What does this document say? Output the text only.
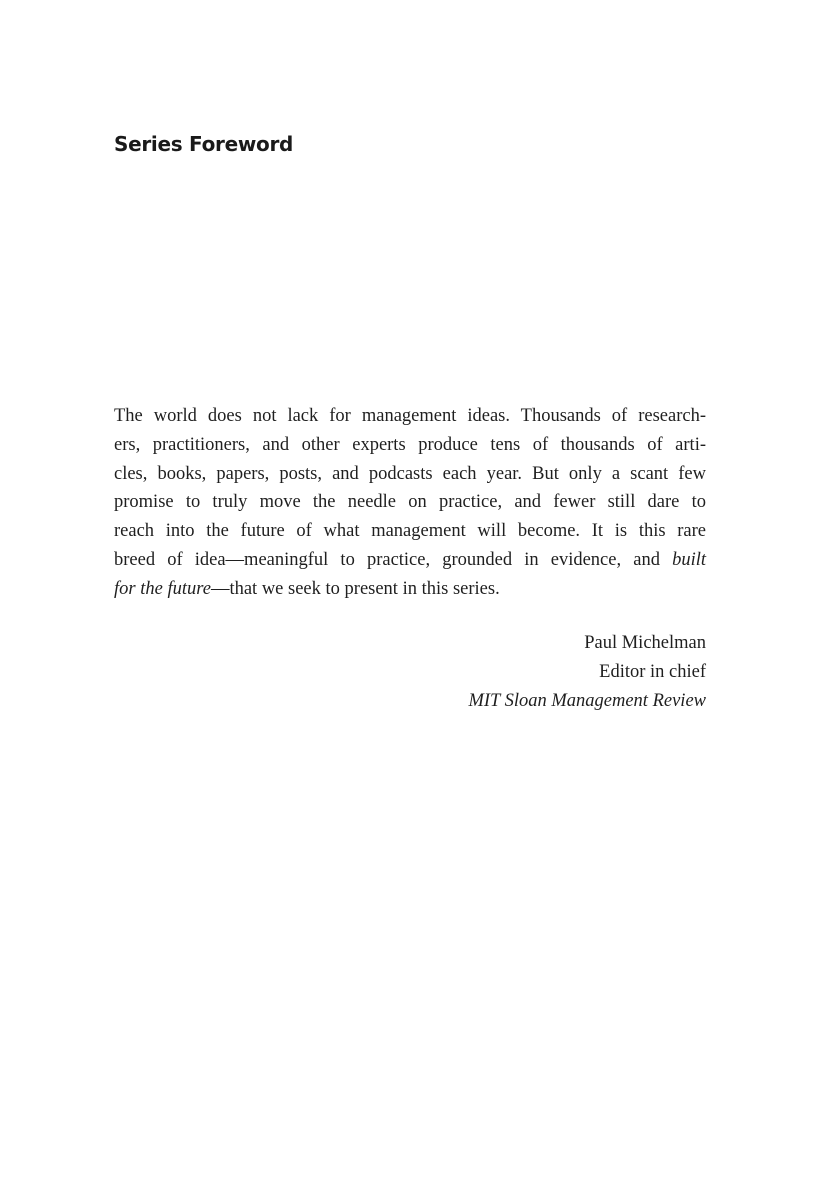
Series Foreword

The world does not lack for management ideas. Thousands of research-
ers, practitioners, and other experts produce tens of thousands of arti-
cles, books, papers, posts, and podcasts each year. But only a scant few
promise to truly move the needle on practice, and fewer still dare to
reach into the future of what management will become. It is this rare
breed of idea—meaningful to practice, grounded in evidence, and built
for the future—that we seek to present in this series.

Paul Michelman
Editor in chief
MIT Sloan Management Review
